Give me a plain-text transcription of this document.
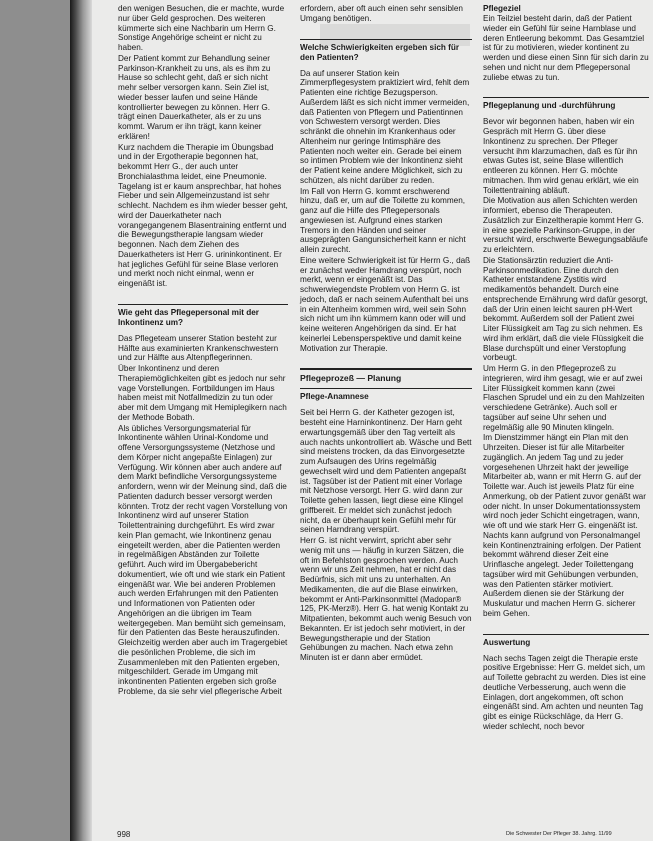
den wenigen Besuchen, die er machte, wurde nur über Geld gesprochen. Des weiteren kümmerte sich eine Nachbarin um Herrn G. Sonstige Angehörige scheint er nicht zu haben.

Der Patient kommt zur Behandlung seiner Parkinson-Krankheit zu uns, als es ihm zu Hause so schlecht geht, daß er sich nicht mehr selber versorgen kann. Sein Ziel ist, wieder besser laufen und seine Hände kontrollierter bewegen zu können. Herr G. trägt einen Dauerkatheter, als er zu uns kommt. Warum er ihn trägt, kann keiner erklären!

Kurz nachdem die Therapie im Übungsbad und in der Ergotherapie begonnen hat, bekommt Herr G., der auch unter Bronchialasthma leidet, eine Pneumonie. Tagelang ist er kaum ansprechbar, hat hohes Fieber und sein Allgemeinzustand ist sehr schlecht. Nachdem es ihm wieder besser geht, wird der Dauerkatheter nach vorangegangenem Blasentraining entfernt und die Bewegungstherapie langsam wieder begonnen. Nach dem Ziehen des Dauerkatheters ist Herr G. urininkontinent. Er hat jegliches Gefühl für seine Blase verloren und merkt noch nicht einmal, wenn er eingenäßt ist.

Wie geht das Pflegepersonal mit der Inkontinenz um?

Das Pflegeteam unserer Station besteht zur Hälfte aus examinierten Krankenschwestern und zur Hälfte aus Altenpflegerinnen.

Über Inkontinenz und deren Therapiemöglichkeiten gibt es jedoch nur sehr vage Vorstellungen. Fortbildungen im Haus haben meist mit Notfallmedizin zu tun oder aber mit dem Umgang mit Hemiplegikern nach der Methode Bobath.

Als übliches Versorgungsmaterial für Inkontinente wählen Urinal-Kondome und offene Versorgungssysteme (Netzhose und dem Körper nicht angepaßte Einlagen) zur Verfügung. Wir können aber auch andere auf dem Markt befindliche Versorgungssysteme anfordern, wenn wir der Meinung sind, daß die Patienten dadurch besser versorgt werden könnten. Trotz der recht vagen Vorstellung von Inkontinenz wird auf unserer Station Toilettentraining durchgeführt. Es wird zwar kein Plan gemacht, wie Inkontinenz genau eingeteilt werden, aber die Patienten werden in regelmäßigen Abständen zur Toilette geführt. Auch wird im Übergabebericht dokumentiert, wie oft und wie stark ein Patient eingenäßt war. Wie bei anderen Problemen auch werden Erfahrungen mit den Patienten und Informationen von Patienten oder Angehörigen an die übrigen im Team weitergegeben. Man bemüht sich gemeinsam, für den Patienten das Beste herauszufinden. Gleichzeitig werden aber auch im Tragergebiet die pesönlichen Probleme, die sich im Zusammenleben mit den Patienten ergeben, mitgeschildert. Gerade im Umgang mit inkontinenten Patienten ergeben sich große Probleme, da sie sehr viel pflegerische Arbeit

erfordern, aber oft auch einen sehr sensiblen Umgang benötigen.

Welche Schwierigkeiten ergeben sich für den Patienten?

Da auf unserer Station kein Zimmerpflegesystem praktiziert wird, fehlt dem Patienten eine richtige Bezugsperson. Außerdem läßt es sich nicht immer vermeiden, daß Patienten von Pflegern und Patientinnen von Schwestern versorgt werden. Dies schränkt die ohnehin im Krankenhaus oder Altenheim nur geringe Intimsphäre des Patienten noch weiter ein. Gerade bei einem so intimen Problem wie der Inkontinenz sieht der Patient keine andere Möglichkeit, sich zu schützen, als nicht darüber zu reden.

Im Fall von Herrn G. kommt erschwerend hinzu, daß er, um auf die Toilette zu kommen, ganz auf die Hilfe des Pflegepersonals angewiesen ist. Aufgrund eines starken Tremors in den Händen und seiner ausgeprägten Gangunsicherheit kann er nicht allein zurecht.

Eine weitere Schwierigkeit ist für Herrn G., daß er zunächst weder Hamdrang verspürt, noch merkt, wenn er eingenäßt ist. Das schwerwiegendste Problem von Herrn G. ist jedoch, daß er nach seinem Aufenthalt bei uns in ein Altenheim kommen wird, weil sein Sohn sich nicht um ihn kümmern kann oder will und keine weiteren Angehörigen da sind. Er hat keinerlei Lebensperspektive und damit keine Motivation zur Therapie.

Pflegeprozeß — Planung
Pflege-Anamnese

Seit bei Herrn G. der Katheter gezogen ist, besteht eine Harninkontinenz. Der Harn geht erwartungsgemäß über den Tag verteilt als auch nachts unkontrolliert ab. Wäsche und Bett sind meistens trocken, da das Einvorgesetzte zum Aufsaugen des Urins regelmäßig gewechselt wird und dem Patienten angepaßt ist. Tagsüber ist der Patient mit einer Vorlage mit Netzhose versorgt. Herr G. wird dann zur Toilette gehen lassen, liegt diese eine Klingel griffbereit. Er meldet sich zunächst jedoch nicht, da er überhaupt kein Gefühl mehr für seinen Harndrang verspürt.

Herr G. ist nicht verwirrt, spricht aber sehr wenig mit uns — häufig in kurzen Sätzen, die oft im Befehlston gesprochen werden. Auch wenn wir uns Zeit nehmen, hat er nicht das Bedürfnis, sich mit uns zu unterhalten. An Medikamenten, die auf die Blase einwirken, bekommt er Anti-Parkinsonmittel (Madopar® 125, PK-Merz®). Herr G. hat wenig Kontakt zu Mitpatienten, bekommt auch wenig Besuch von Bekannten. Er ist jedoch sehr motiviert, in der Bewegungstherapie und der Station Gehübungen zu machen. Nach etwa zehn Minuten ist er dann aber ermüdet.

Pflegeziel

Ein Teilziel besteht darin, daß der Patient wieder ein Gefühl für seine Harnblase und deren Entleerung bekommt. Das Gesamtziel ist für zu motivieren, wieder kontinent zu werden und diese einen Sinn für sich darin zu sehen und nicht nur dem Pflegepersonal zuliebe etwas zu tun.

Pflegeplanung und -durchführung

Bevor wir begonnen haben, haben wir ein Gespräch mit Herrn G. über diese Inkontinenz zu sprechen. Der Pfleger versucht ihm klarzumachen, daß es für ihn etwas Gutes ist, seine Blase willentlich entleeren zu können. Herr G. möchte mitmachen. Ihm wird genau erklärt, wie ein Toilettentraining abläuft.

Die Motivation aus allen Schichten werden informiert, ebenso die Therapeuten. Zusätzlich zur Einzeltherapie kommt Herr G. in eine spezielle Parkinson-Gruppe, in der versucht wird, erschwerte Bewegungsabläufe zu erleichtern.

Die Stationsärztin reduziert die Anti-Parkinsonmedikation. Eine durch den Katheter entstandene Zystitis wird medikamentös behandelt. Durch eine entsprechende Ernährung wird dafür gesorgt, daß der Urin einen leicht sauren pH-Wert bekommt. Außerdem soll der Patient zwei Liter Flüssigkeit am Tag zu sich nehmen. Es wird ihm erklärt, daß die viele Flüssigkeit die Blase durchspült und einer Verstopfung vorbeugt.

Um Herrn G. in den Pflegeprozeß zu integrieren, wird ihm gesagt, wie er auf zwei Liter Flüssigkeit kommen kann (zwei Flaschen Sprudel und ein zu den Mahlzeiten verschiedene Getränke). Auch soll er tagsüber auf seine Uhr sehen und regelmäßig alle 90 Minuten klingeln.

Im Dienstzimmer hängt ein Plan mit den Uhrzeiten. Dieser ist für alle Mitarbeiter zugänglich. An jedem Tag und zu jeder vorgesehenen Uhrzeit hakt der jeweilige Mitarbeiter ab, wann er mit Herrn G. auf der Toilette war. Auch ist jeweils Platz für eine Anmerkung, ob der Patient zuvor genäßt war oder nicht. In unser Dokumentationssystem wird noch jeder Schicht eingetragen, wann, wie oft und wie stark Herr G. eingenäßt ist. Nachts kann aufgrund von Personalmangel kein Kontinenztraining erfolgen. Der Patient bekommt während dieser Zeit eine Urinflasche angelegt. Jeder Toilettengang tagsüber wird mit Gehübungen verbunden, was den Patienten stärker motiviert. Außerdem dienen sie der Stärkung der Muskulatur und machen Herrn G. sicherer beim Gehen.

Auswertung

Nach sechs Tagen zeigt die Therapie erste positive Ergebnisse: Herr G. meldet sich, um auf Toilette gebracht zu werden. Dies ist eine deutliche Verbesserung, auch wenn die Einlagen, dort angekommen, oft schon eingenäßt sind. Am achten und neunten Tag gibt es einige Rückschläge, da Herr G. wieder schlecht, noch bevor

998	Die Schwester Der Pfleger 38. Jahrg. 11/99
